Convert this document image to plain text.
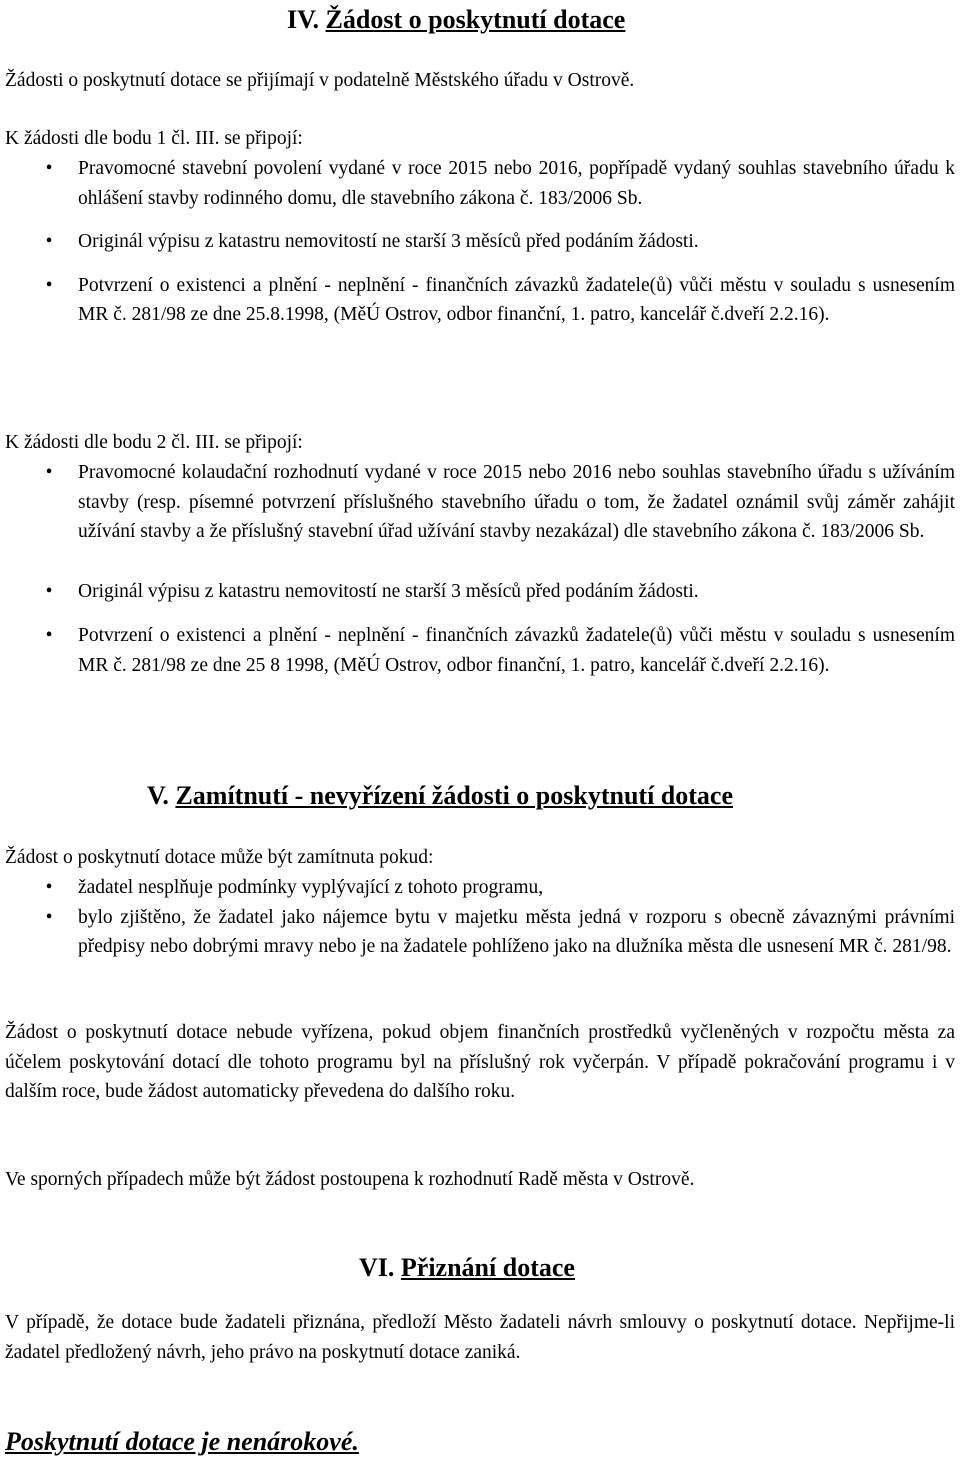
IV. Žádost o poskytnutí dotace

Žádosti o poskytnutí dotace se přijímají v podatelně Městského úřadu v Ostrově.

K žádosti dle bodu 1 čl. III. se připojí:

• Pravomocné stavební povolení vydané v roce 2015 nebo 2016, popřípadě vydaný souhlas stavebního úřadu k ohlášení stavby rodinného domu, dle stavebního zákona č. 183/2006 Sb.
• Originál výpisu z katastru nemovitostí ne starší 3 měsíců před podáním žádosti.
• Potvrzení o existenci a plnění - neplnění - finančních závazků žadatele(ů) vůči městu v souladu s usnesením MR č. 281/98 ze dne 25.8.1998, (MěÚ Ostrov, odbor finanční, 1. patro, kancelář č.dveří 2.2.16).

K žádosti dle bodu 2 čl. III. se připojí:

• Pravomocné kolaudační rozhodnutí vydané v roce 2015 nebo 2016 nebo souhlas stavebního úřadu s užíváním stavby (resp. písemné potvrzení příslušného stavebního úřadu o tom, že žadatel oznámil svůj záměr zahájit užívání stavby a že příslušný stavební úřad užívání stavby nezakázal) dle stavebního zákona č. 183/2006 Sb.
• Originál výpisu z katastru nemovitostí ne starší 3 měsíců před podáním žádosti.
• Potvrzení o existenci a plnění - neplnění - finančních závazků žadatele(ů) vůči městu v souladu s usnesením MR č. 281/98 ze dne 25 8 1998, (MěÚ Ostrov, odbor finanční, 1. patro, kancelář č.dveří 2.2.16).
V. Zamítnutí - nevyřízení žádosti o poskytnutí dotace

Žádost o poskytnutí dotace může být zamítnuta pokud:

• žadatel nesplňuje podmínky vyplývající z tohoto programu,
• bylo zjištěno, že žadatel jako nájemce bytu v majetku města jedná v rozporu s obecně závaznými právními předpisy nebo dobrými mravy nebo je na žadatele pohlíženo jako na dlužníka města dle usnesení MR č. 281/98.

Žádost o poskytnutí dotace nebude vyřízena, pokud objem finančních prostředků vyčleněných v rozpočtu města za účelem poskytování dotací dle tohoto programu byl na příslušný rok vyčerpán. V případě pokračování programu i v dalším roce, bude žádost automaticky převedena do dalšího roku.

Ve sporných případech může být žádost postoupena k rozhodnutí Radě města v Ostrově.

VI. Přiznání dotace

V případě, že dotace bude žadateli přiznána, předloží Město žadateli návrh smlouvy o poskytnutí dotace. Nepřijme-li žadatel předložený návrh, jeho právo na poskytnutí dotace zaniká.

Poskytnutí dotace je nenárokové.
